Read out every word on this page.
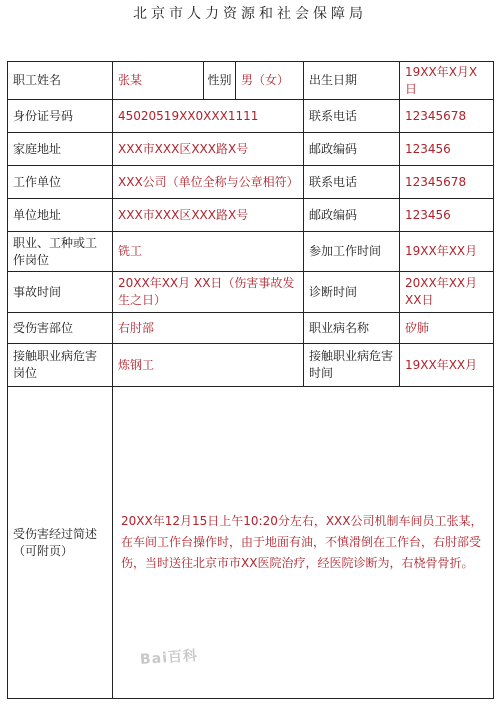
北京市人力资源和社会保障局
职工姓名	张某	性别	男（女）	出生日期	19XX年X月X日
身份证号码	45020519XX0XXX1111			联系电话	12345678
家庭地址	XXX市XXX区XXX路X号			邮政编码	123456
工作单位	XXX公司（单位全称与公章相符）			联系电话	12345678
单位地址	XXX市XXX区XXX路X号			邮政编码	123456
职业、工种或工作岗位	铣工			参加工作时间	19XX年XX月
事故时间	20XX年XX月 XX日（伤害事故发生之日）			诊断时间	20XX年XX月XX日
受伤害部位	右肘部			职业病名称	矽肺
接触职业病危害岗位	炼钢工			接触职业病危害时间	19XX年XX月
受伤害经过简述（可附页）	20XX年12月15日上午10:20分左右，XXX公司机制车间员工张某，在车间工作台操作时，由于地面有油，不慎滑倒在工作台，右肘部受伤，当时送往北京市市XX医院治疗，经医院诊断为，右桡骨骨折。				
Bai百科
